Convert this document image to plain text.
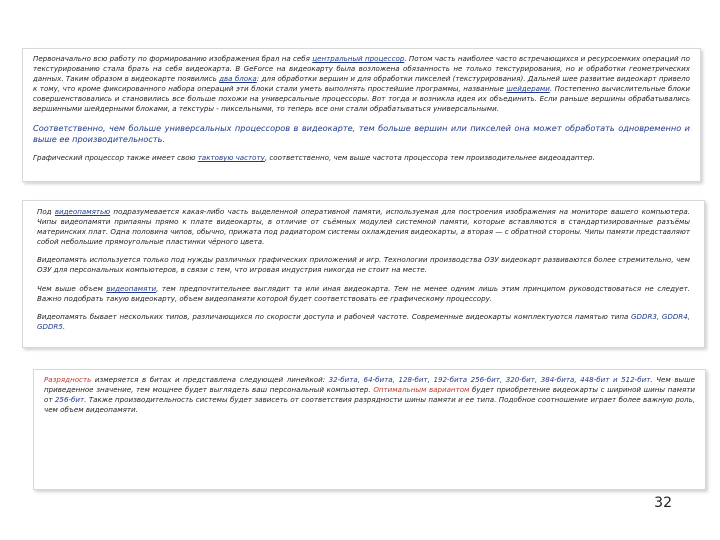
Первоначально всю работу по формированию изображения брал на себя центральный процессор. Потом часть наиболее часто встречающихся и ресурсоемких операций по текстурированию стала брать на себя видеокарта. В GeForce на видеокарту была возложена обязанность не только текстурирования, но и обработки геометрических данных. Таким образом в видеокарте появились два блока: для обработки вершин и для обработки пикселей (текстурирования). Дальней шее развитие видеокарт привело к тому, что кроме фиксированного набора операций эти блоки стали уметь выполнять простейшие программы, названные шейдерами. Постепенно вычислительные блоки совершенствовались и становились все больше похожи на универсальные процессоры. Вот тогда и возникла идея их объединить. Если раньше вершины обрабатывались вершинными шейдерными блоками, а текстуры - пиксельными, то теперь все они стали обрабатываться универсальными.

Соответственно, чем больше универсальных процессоров в видеокарте, тем больше вершин или пикселей она может обработать одновременно и выше ее производительность.

Графический процессор также имеет свою тактовую частоту, соответственно, чем выше частота процессора тем производительнее видеоадаптер.

Под видеопамятью подразумевается какая-либо часть выделенной оперативной памяти, используемая для построения изображения на мониторе вашего компьютера. Чипы видеопамяти припаяны прямо к плате видеокарты, в отличие от съёмных модулей системной памяти, которые вставляются в стандартизированные разъёмы материнских плат. Одна половина чипов, обычно, прижата под радиатором системы охлаждения видеокарты, а вторая — с обратной стороны. Чипы памяти представляют собой небольшие прямоугольные пластинки чёрного цвета.

Видеопамять используется только под нужды различных графических приложений и игр. Технологии производства ОЗУ видеокарт развиваются более стремительно, чем ОЗУ для персональных компьютеров, в связи с тем, что игровая индустрия никогда не стоит на месте.

Чем выше объем видеопамяти, тем предпочтительнее выглядит та или иная видеокарта. Тем не менее одним лишь этим принципом руководствоваться не следует. Важно подобрать такую видеокарту, объем видеопамяти которой будет соответствовать ее графическому процессору.

Видеопамять бывает нескольких типов, различающихся по скорости доступа и рабочей частоте. Современные видеокарты комплектуются памятью типа GDDR3, GDDR4, GDDR5.

Разрядность измеряется в битах и представлена следующей линейкой: 32-бита, 64-бита, 128-бит, 192-бита 256-бит, 320-бит, 384-бита, 448-бит и 512-бит. Чем выше приведенное значение, тем мощнее будет выглядеть ваш персональный компьютер. Оптимальным вариантом будет приобретение видеокарты с шириной шины памяти от 256-бит. Также производительность системы будет зависеть от соответствия разрядности шины памяти и ее типа. Подобное соотношение играет более важную роль, чем объем видеопамяти.

32
